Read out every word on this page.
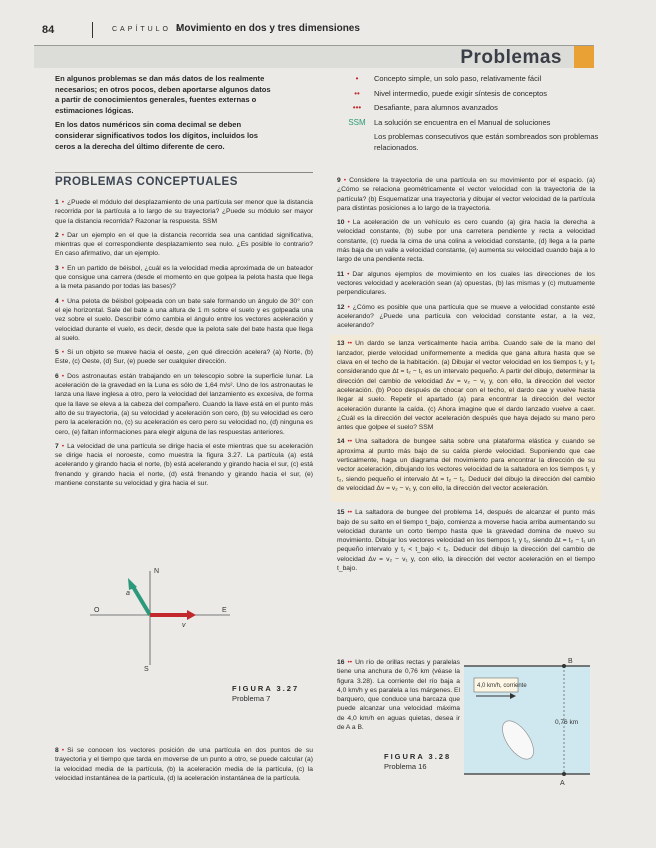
84	CAPÍTULO 3
Movimiento en dos y tres dimensiones
Problemas

En algunos problemas se dan más datos de los realmente necesarios; en otros pocos, deben aportarse algunos datos a partir de conocimientos generales, fuentes externas o estimaciones lógicas.

En los datos numéricos sin coma decimal se deben considerar significativos todos los dígitos, incluidos los ceros a la derecha del último diferente de cero.

•	Concepto simple, un solo paso, relativamente fácil
••	Nivel intermedio, puede exigir síntesis de conceptos
•••	Desafiante, para alumnos avanzados
SSM	La solución se encuentra en el Manual de soluciones
Los problemas consecutivos que están sombreados son problemas relacionados.
PROBLEMAS CONCEPTUALES

1 • ¿Puede el módulo del desplazamiento de una partícula ser menor que la distancia recorrida por la partícula a lo largo de su trayectoria? ¿Puede su módulo ser mayor que la distancia recorrida? Razonar la respuesta. SSM

2 • Dar un ejemplo en el que la distancia recorrida sea una cantidad significativa, mientras que el correspondiente desplazamiento sea nulo. ¿Es posible lo contrario? En caso afirmativo, dar un ejemplo.

3 • En un partido de béisbol, ¿cuál es la velocidad media aproximada de un bateador que consigue una carrera (desde el momento en que golpea la pelota hasta que llega a la meta pasando por todas las bases)?

4 • Una pelota de béisbol golpeada con un bate sale formando un ángulo de 30° con el eje horizontal. Sale del bate a una altura de 1 m sobre el suelo y es golpeada una vez sobre el suelo. Describir cómo cambia el ángulo entre los vectores aceleración y velocidad durante el vuelo, es decir, desde que la pelota sale del bate hasta que llega al suelo.

5 • Si un objeto se mueve hacia el oeste, ¿en qué dirección acelera? (a) Norte, (b) Este, (c) Oeste, (d) Sur, (e) puede ser cualquier dirección.

6 • Dos astronautas están trabajando en un telescopio sobre la superficie lunar. La aceleración de la gravedad en la Luna es sólo de 1,64 m/s². Uno de los astronautas le lanza una llave inglesa a otro, pero la velocidad del lanzamiento es excesiva, de forma que la llave se eleva a la cabeza del compañero. Cuando la llave está en el punto más alto de su trayectoria, (a) su velocidad y aceleración son cero, (b) su velocidad es cero pero la aceleración no, (c) su aceleración es cero pero su velocidad no, (d) ninguna es cero, (e) faltan informaciones para elegir alguna de las respuestas anteriores.

7 • La velocidad de una partícula se dirige hacia el este mientras que su aceleración se dirige hacia el noroeste, como muestra la figura 3.27. La partícula (a) está acelerando y girando hacia el norte, (b) está acelerando y girando hacia el sur, (c) está frenando y girando hacia el norte, (d) está frenando y girando hacia el sur, (e) mantiene constante su velocidad y gira hacia el sur.

N
S
O	E
v
a
FIGURA 3.27
Problema 7
8 • Si se conocen los vectores posición de una partícula en dos puntos de su trayectoria y el tiempo que tarda en moverse de un punto a otro, se puede calcular (a) la velocidad media de la partícula, (b) la aceleración media de la partícula, (c) la velocidad instantánea de la partícula, (d) la aceleración instantánea de la partícula.

9 • Considere la trayectoria de una partícula en su movimiento por el espacio. (a) ¿Cómo se relaciona geométricamente el vector velocidad con la trayectoria de la partícula? (b) Esquematizar una trayectoria y dibujar el vector velocidad de la partícula para distintas posiciones a lo largo de la trayectoria.

10 • La aceleración de un vehículo es cero cuando (a) gira hacia la derecha a velocidad constante, (b) sube por una carretera pendiente y recta a velocidad constante, (c) rueda la cima de una colina a velocidad constante, (d) llega a la parte más baja de un valle a velocidad constante, (e) aumenta su velocidad cuando baja a lo largo de una pendiente recta.

11 • Dar algunos ejemplos de movimiento en los cuales las direcciones de los vectores velocidad y aceleración sean (a) opuestas, (b) las mismas y (c) mutuamente perpendiculares.

12 • ¿Cómo es posible que una partícula que se mueve a velocidad constante esté acelerando? ¿Puede una partícula con velocidad constante estar, a la vez, acelerando?

13 •• Un dardo se lanza verticalmente hacia arriba. Cuando sale de la mano del lanzador, pierde velocidad uniformemente a medida que gana altura hasta que se clava en el techo de la habitación. (a) Dibujar el vector velocidad en los tiempos t₁ y t₂ considerando que Δt = t₂ − t₁ es un intervalo pequeño. A partir del dibujo, determinar la dirección del cambio de velocidad Δv = v₂ − v₁ y, con ello, la dirección del vector aceleración. (b) Poco después de chocar con el techo, el dardo cae y vuelve hasta llegar al suelo. Repetir el apartado (a) para encontrar la dirección del vector aceleración durante la caída. (c) Ahora imagine que el dardo lanzado vuelve a caer. ¿Cuál es la dirección del vector aceleración después que haya dejado su mano pero antes que golpee el suelo? SSM

14 •• Una saltadora de bungee salta sobre una plataforma elástica y cuando se aproxima al punto más bajo de su caída pierde velocidad. Suponiendo que cae verticalmente, haga un diagrama del movimiento para encontrar la dirección de su vector aceleración, dibujando los vectores velocidad de la saltadora en los tiempos t₁ y t₂, siendo pequeño el intervalo Δt = t₂ − t₁. Deducir del dibujo la dirección del cambio de velocidad Δv = v₂ − v₁ y, con ello, la dirección del vector aceleración.

15 •• La saltadora de bungee del problema 14, después de alcanzar el punto más bajo de su salto en el tiempo t_bajo, comienza a moverse hacia arriba aumentando su velocidad durante un corto tiempo hasta que la gravedad domina de nuevo su movimiento. Dibujar los vectores velocidad en los tiempos t₁ y t₂, siendo Δt = t₂ − t₁ un pequeño intervalo y t₁ < t_bajo < t₂. Deducir del dibujo la dirección del cambio de velocidad Δv = v₂ − v₁ y, con ello, la dirección del vector aceleración en el tiempo t_bajo.

16 •• Un río de orillas rectas y paralelas tiene una anchura de 0,76 km (véase la figura 3.28). La corriente del río baja a 4,0 km/h y es paralela a los márgenes. El barquero, que conduce una barcaza que puede alcanzar una velocidad máxima de 4,0 km/h en aguas quietas, desea ir de A a B.
4,0 km/h, corriente
0,76 km
B
A
FIGURA 3.28
Problema 16
